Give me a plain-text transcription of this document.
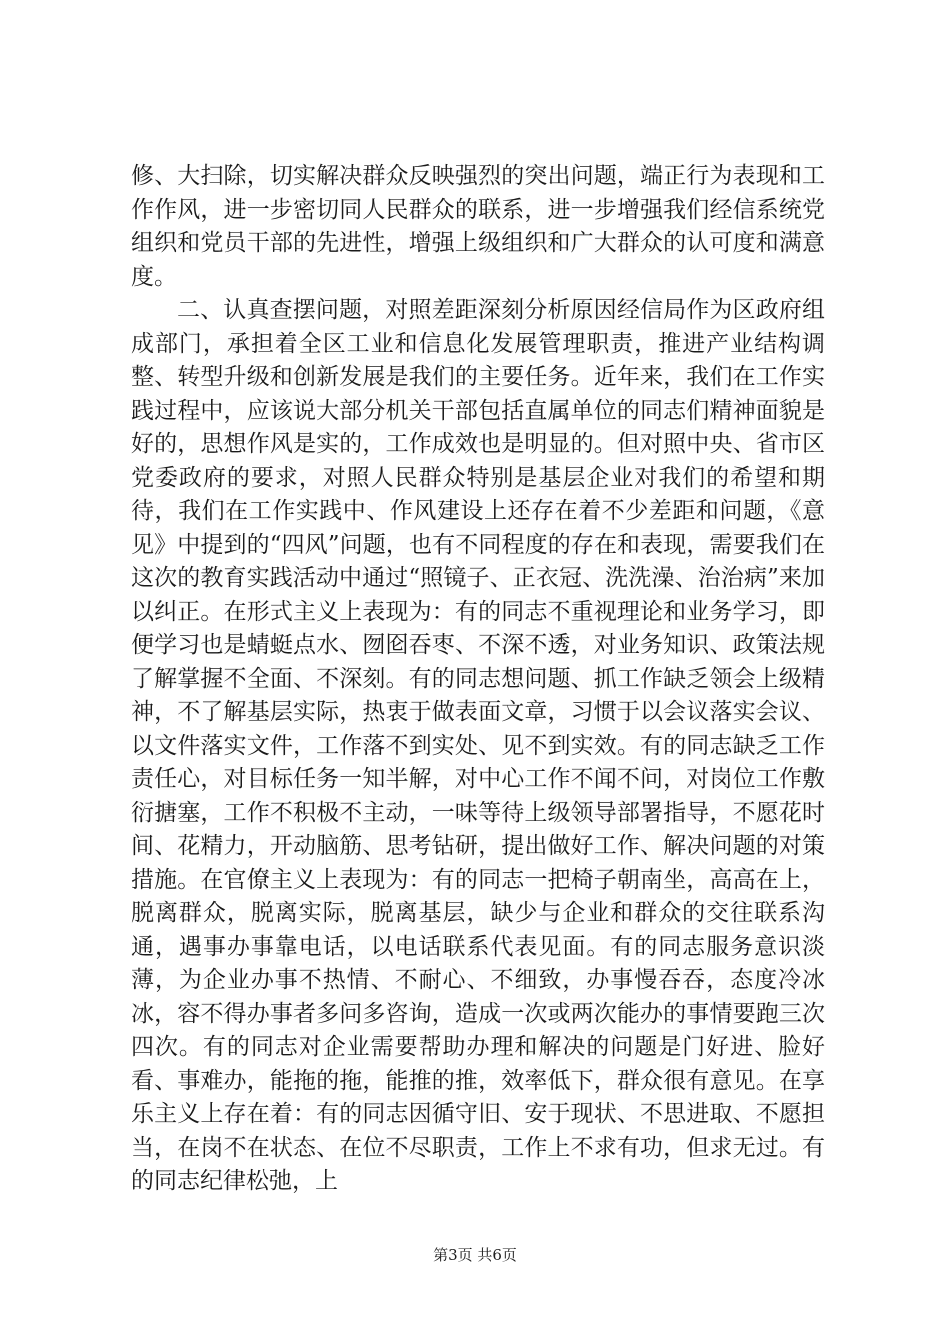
修、大扫除，切实解决群众反映强烈的突出问题，端正行为表现和工作作风，进一步密切同人民群众的联系，进一步增强我们经信系统党组织和党员干部的先进性，增强上级组织和广大群众的认可度和满意度。

二、认真查摆问题，对照差距深刻分析原因经信局作为区政府组成部门，承担着全区工业和信息化发展管理职责，推进产业结构调整、转型升级和创新发展是我们的主要任务。近年来，我们在工作实践过程中，应该说大部分机关干部包括直属单位的同志们精神面貌是好的，思想作风是实的，工作成效也是明显的。但对照中央、省市区党委政府的要求，对照人民群众特别是基层企业对我们的希望和期待，我们在工作实践中、作风建设上还存在着不少差距和问题，《意见》中提到的“四风”问题，也有不同程度的存在和表现，需要我们在这次的教育实践活动中通过“照镜子、正衣冠、洗洗澡、治治病”来加以纠正。在形式主义上表现为：有的同志不重视理论和业务学习，即便学习也是蜻蜓点水、囫囵吞枣、不深不透，对业务知识、政策法规了解掌握不全面、不深刻。有的同志想问题、抓工作缺乏领会上级精神，不了解基层实际，热衷于做表面文章，习惯于以会议落实会议、以文件落实文件，工作落不到实处、见不到实效。有的同志缺乏工作责任心，对目标任务一知半解，对中心工作不闻不问，对岗位工作敷衍搪塞，工作不积极不主动，一味等待上级领导部署指导，不愿花时间、花精力，开动脑筋、思考钻研，提出做好工作、解决问题的对策措施。在官僚主义上表现为：有的同志一把椅子朝南坐，高高在上，脱离群众，脱离实际，脱离基层，缺少与企业和群众的交往联系沟通，遇事办事靠电话，以电话联系代表见面。有的同志服务意识淡薄，为企业办事不热情、不耐心、不细致，办事慢吞吞，态度冷冰冰，容不得办事者多问多咨询，造成一次或两次能办的事情要跑三次四次。有的同志对企业需要帮助办理和解决的问题是门好进、脸好看、事难办，能拖的拖，能推的推，效率低下，群众很有意见。在享乐主义上存在着：有的同志因循守旧、安于现状、不思进取、不愿担当，在岗不在状态、在位不尽职责，工作上不求有功，但求无过。有的同志纪律松弛，上

第3页 共6页
